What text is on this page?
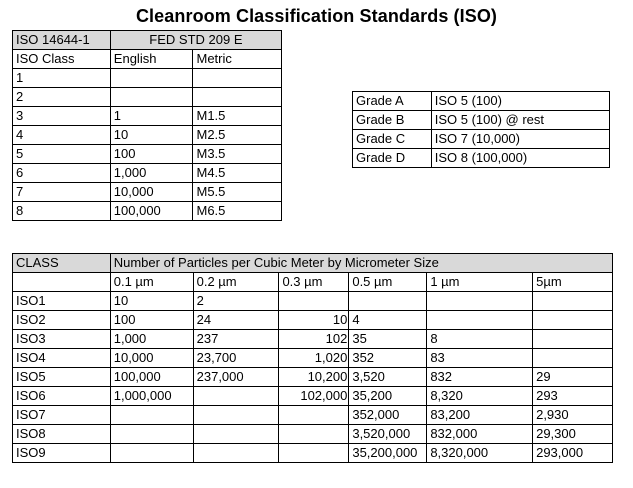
Cleanroom Classification Standards (ISO)
ISO 14644-1	FED STD 209 E	
ISO Class	English	Metric
1		
2		
3	1	M1.5
4	10	M2.5
5	100	M3.5
6	1,000	M4.5
7	10,000	M5.5
8	100,000	M6.5
Grade A	ISO 5 (100)
Grade B	ISO 5 (100) @ rest
Grade C	ISO 7 (10,000)
Grade D	ISO 8 (100,000)
CLASS	Number of Particles per Cubic Meter by Micrometer Size					
	0.1 µm	0.2 µm	0.3 µm	0.5 µm	1 µm	5µm
ISO1	10	2				
ISO2	100	24	10	4		
ISO3	1,000	237	102	35	8	
ISO4	10,000	23,700	1,020	352	83	
ISO5	100,000	237,000	10,200	3,520	832	29
ISO6	1,000,000		102,000	35,200	8,320	293
ISO7				352,000	83,200	2,930
ISO8				3,520,000	832,000	29,300
ISO9				35,200,000	8,320,000	293,000
